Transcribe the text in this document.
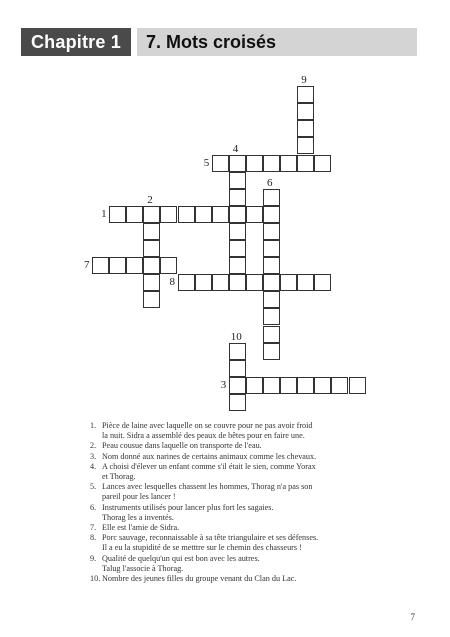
Chapitre 1	7. Mots croisés
1
2
3
4
5
6
7
8
9
10
1. Pièce de laine avec laquelle on se couvre pour ne pas avoir froid
la nuit. Sidra a assemblé des peaux de bêtes pour en faire une.
2. Peau cousue dans laquelle on transporte de l'eau.
3. Nom donné aux narines de certains animaux comme les chevaux.
4. A choisi d'élever un enfant comme s'il était le sien, comme Yorax
et Thorag.
5. Lances avec lesquelles chassent les hommes, Thorag n'a pas son
pareil pour les lancer !
6. Instruments utilisés pour lancer plus fort les sagaies.
Thorag les a inventés.
7. Elle est l'amie de Sidra.
8. Porc sauvage, reconnaissable à sa tête triangulaire et ses défenses.
Il a eu la stupidité de se metttre sur le chemin des chasseurs !
9. Qualité de quelqu'un qui est bon avec les autres.
Talug l'associe à Thorag.
10. Nombre des jeunes filles du groupe venant du Clan du Lac.
7
